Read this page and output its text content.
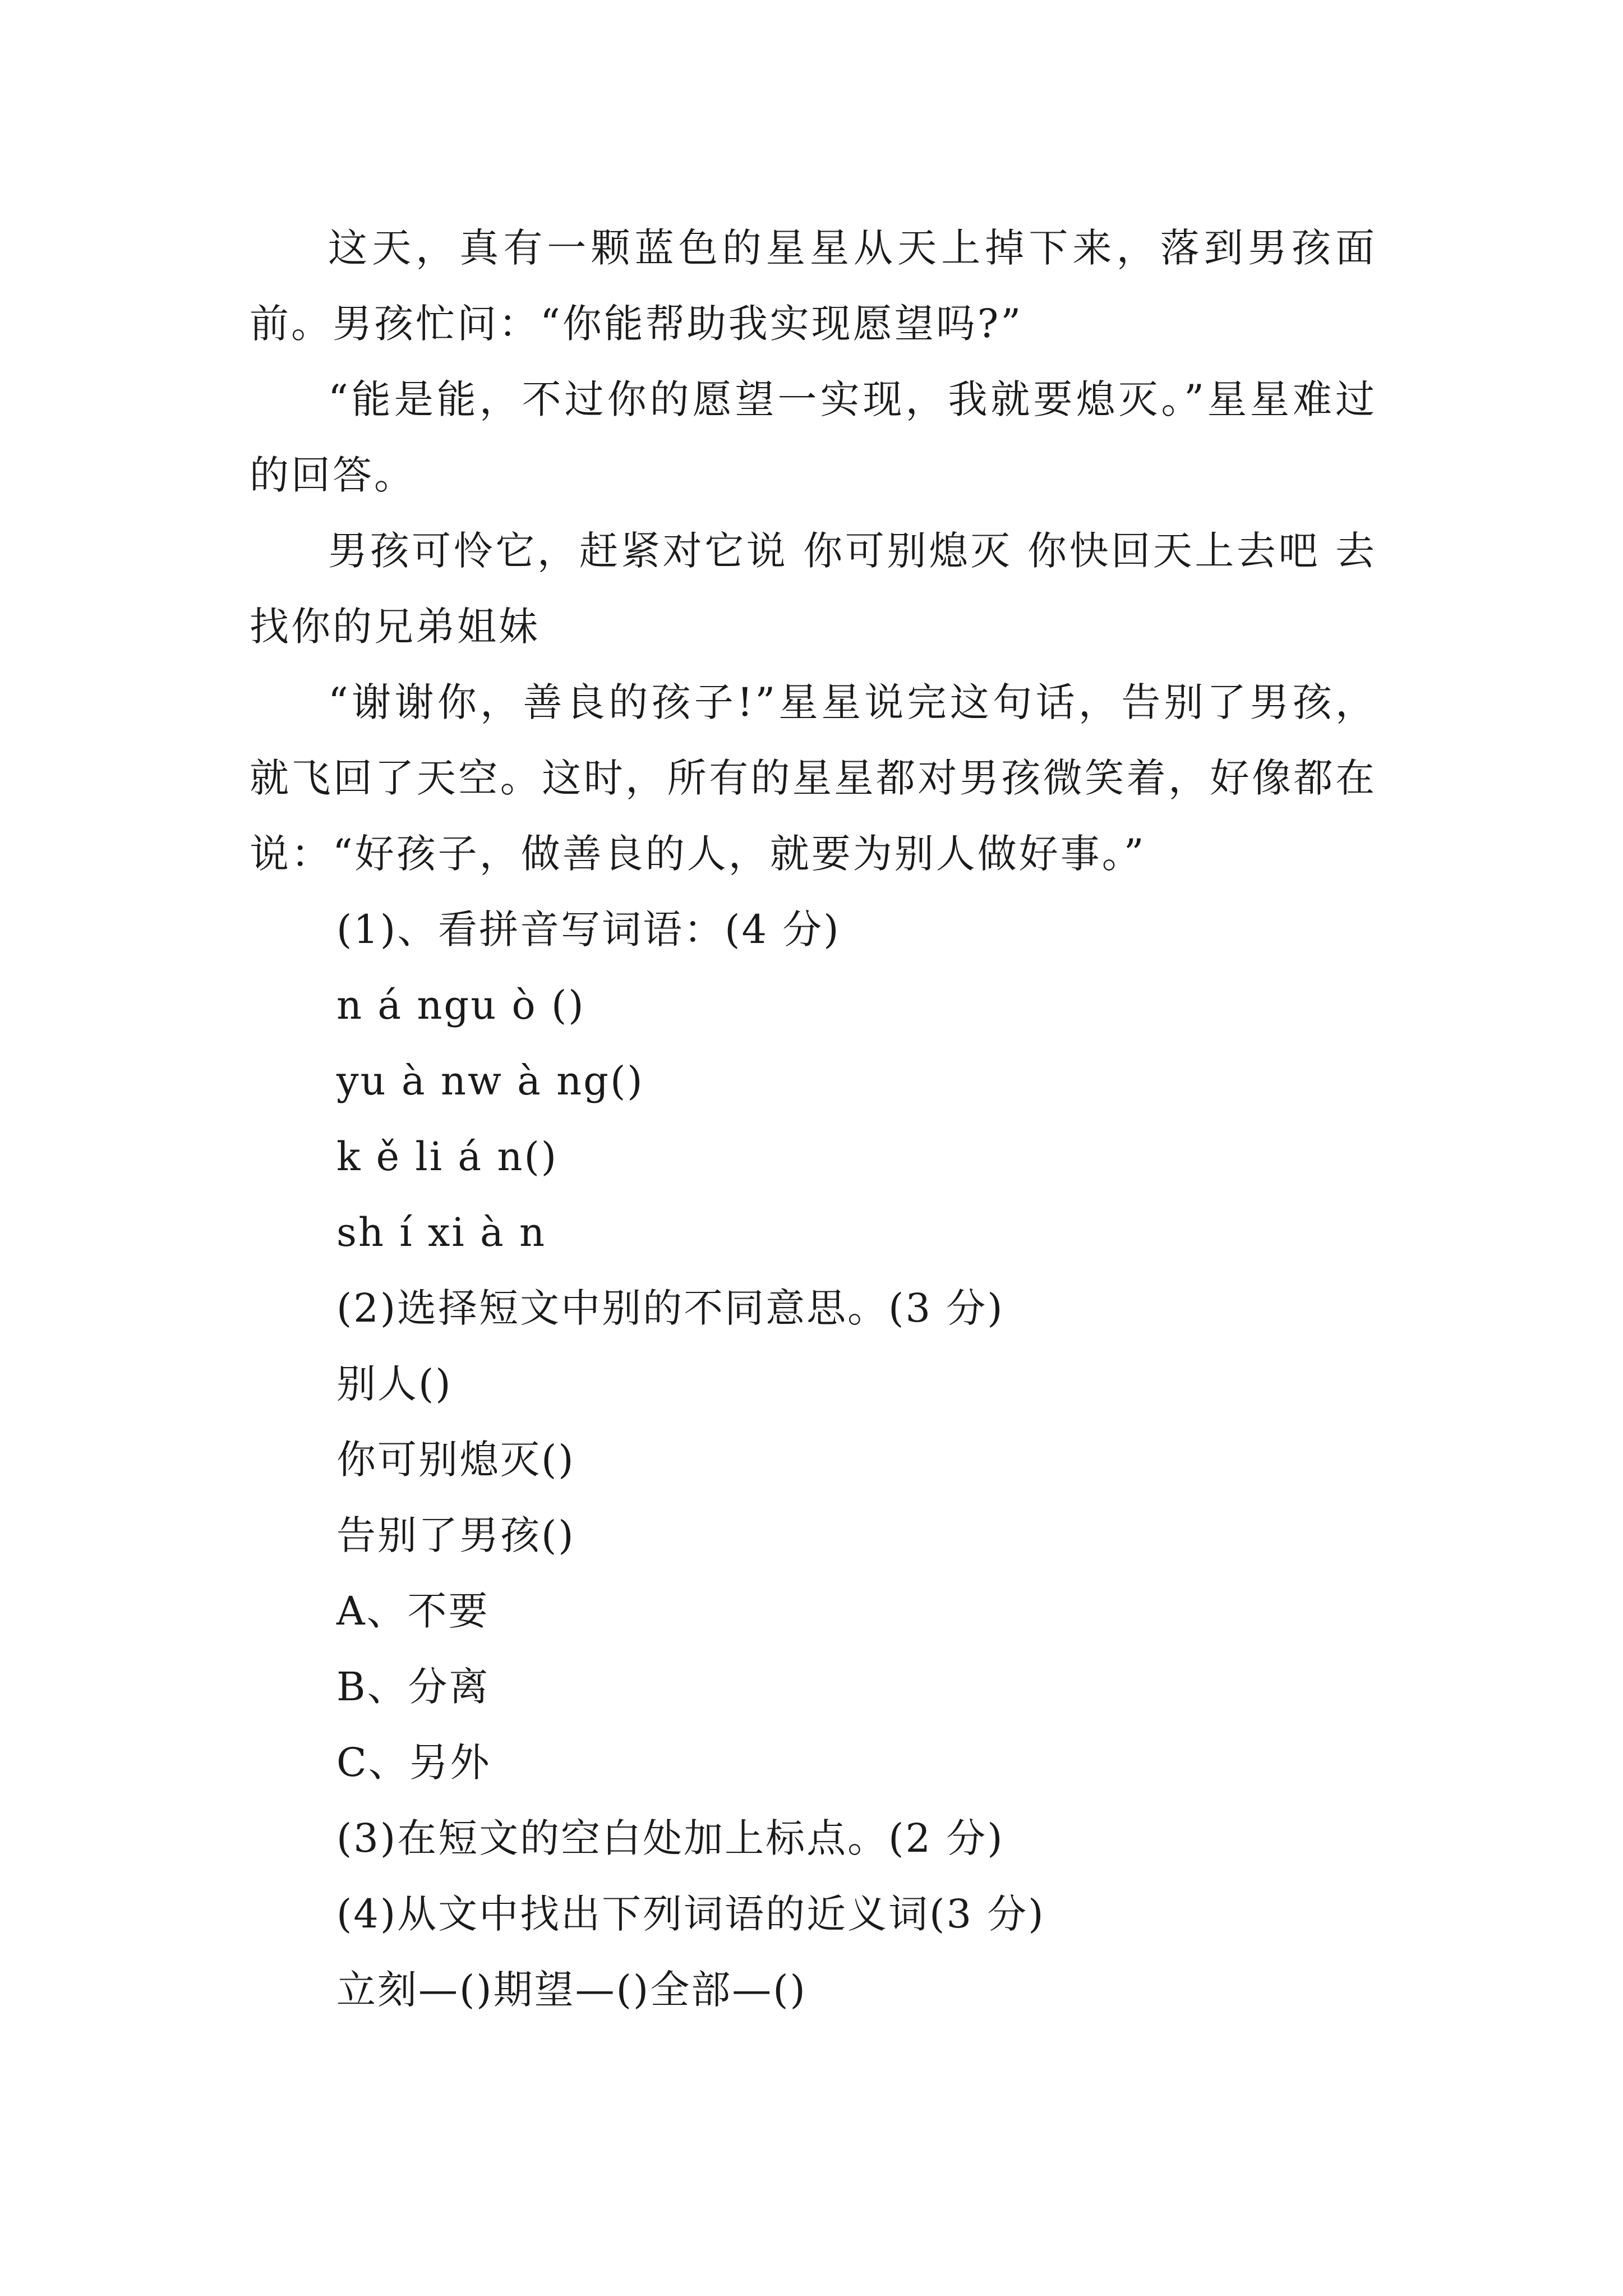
这天，真有一颗蓝色的星星从天上掉下来，落到男孩面前。男孩忙问：“你能帮助我实现愿望吗?”

“能是能，不过你的愿望一实现，我就要熄灭。”星星难过的回答。

男孩可怜它，赶紧对它说 你可别熄灭 你快回天上去吧 去找你的兄弟姐妹

“谢谢你，善良的孩子!”星星说完这句话，告别了男孩，就飞回了天空。这时，所有的星星都对男孩微笑着，好像都在说：“好孩子，做善良的人，就要为别人做好事。”

(1)、看拼音写词语：(4 分)

n á ngu ò ()

yu à nw à ng()

k ě li á n()

sh í xi à n

(2)选择短文中别的不同意思。(3 分)

别人()

你可别熄灭()

告别了男孩()

A、不要

B、分离

C、另外

(3)在短文的空白处加上标点。(2 分)

(4)从文中找出下列词语的近义词(3 分)

立刻—()期望—()全部—()
